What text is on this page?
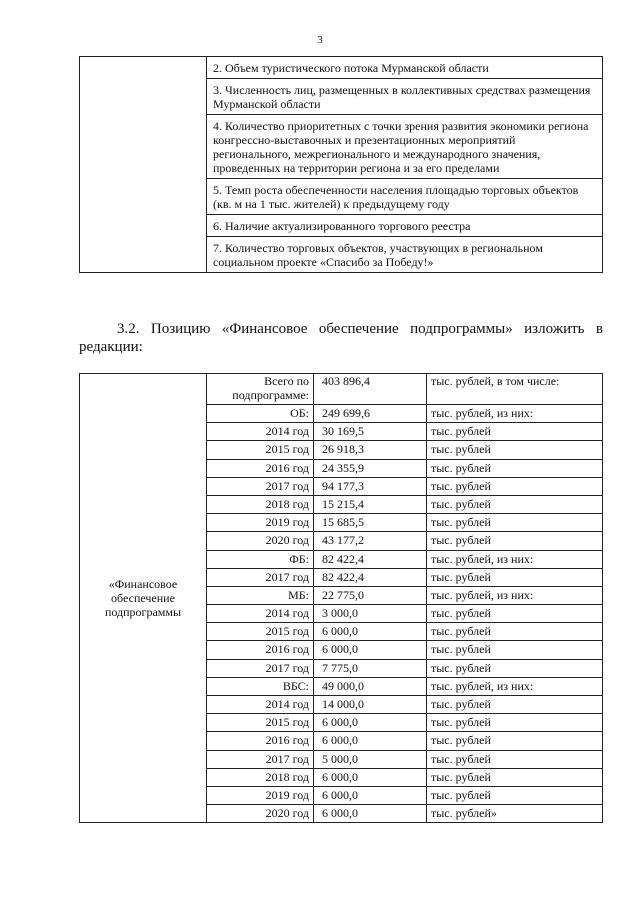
3
	2. Объем туристического потока Мурманской области
3. Численность лиц, размещенных в коллективных средствах размещения Мурманской области
4. Количество приоритетных с точки зрения развития экономики региона конгрессно-выставочных и презентационных мероприятий регионального, межрегионального и международного значения, проведенных на территории региона и за его пределами
5. Темп роста обеспеченности населения площадью торговых объектов (кв. м на 1 тыс. жителей) к предыдущему году
6. Наличие актуализированного торгового реестра
7. Количество торговых объектов, участвующих в региональном социальном проекте «Спасибо за Победу!»

3.2. Позицию «Финансовое обеспечение подпрограммы» изложить в редакции:

«Финансовое обеспечение подпрограммы	Всего по подпрограмме:	403 896,4	тыс. рублей, в том числе:
	ОБ:	249 699,6	тыс. рублей, из них:
	2014 год	30 169,5	тыс. рублей
	2015 год	26 918,3	тыс. рублей
	2016 год	24 355,9	тыс. рублей
	2017 год	94 177,3	тыс. рублей
	2018 год	15 215,4	тыс. рублей
	2019 год	15 685,5	тыс. рублей
	2020 год	43 177,2	тыс. рублей
	ФБ:	82 422,4	тыс. рублей, из них:
	2017 год	82 422,4	тыс. рублей
	МБ:	22 775,0	тыс. рублей, из них:
	2014 год	3 000,0	тыс. рублей
	2015 год	6 000,0	тыс. рублей
	2016 год	6 000,0	тыс. рублей
	2017 год	7 775,0	тыс. рублей
	ВБС:	49 000,0	тыс. рублей, из них:
	2014 год	14 000,0	тыс. рублей
	2015 год	6 000,0	тыс. рублей
	2016 год	6 000,0	тыс. рублей
	2017 год	5 000,0	тыс. рублей
	2018 год	6 000,0	тыс. рублей
	2019 год	6 000,0	тыс. рублей
	2020 год	6 000,0	тыс. рублей»
